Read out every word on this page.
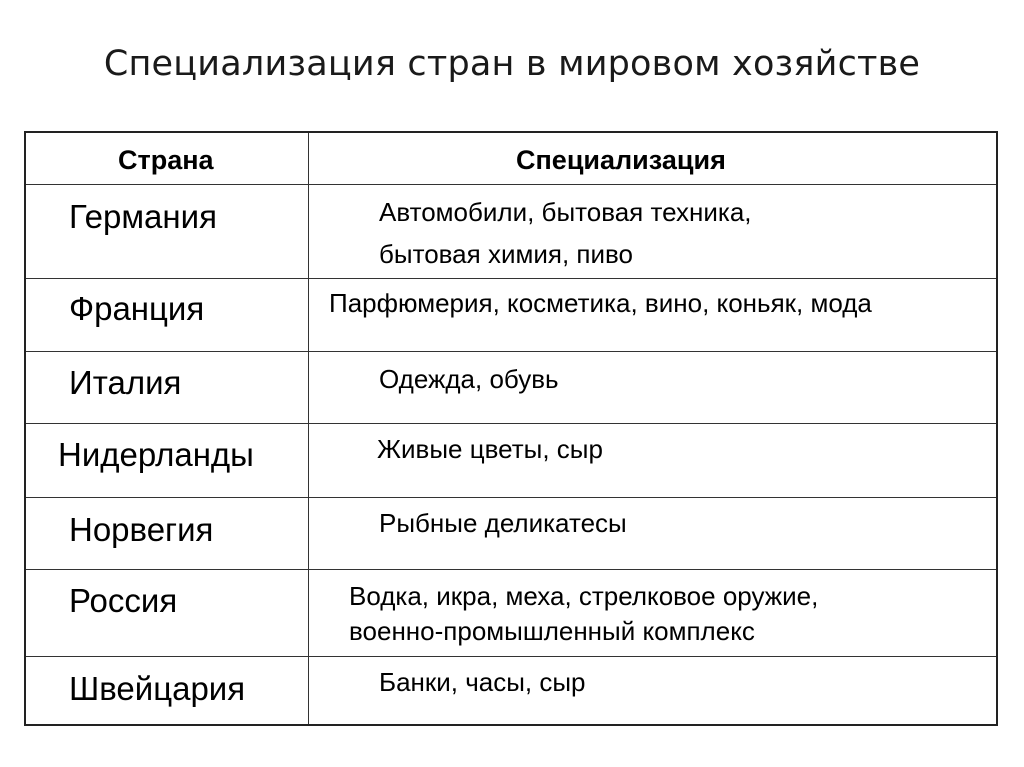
Специализация стран в мировом хозяйстве
Страна	Специализация
Германия	Автомобили, бытовая техника,
бытовая химия, пиво
Франция	Парфюмерия, косметика, вино, коньяк, мода
Италия	Одежда, обувь
Нидерланды	Живые цветы, сыр
Норвегия	Рыбные деликатесы
Россия	Водка, икра, меха, стрелковое оружие,
военно-промышленный комплекс
Швейцария	Банки, часы, сыр
